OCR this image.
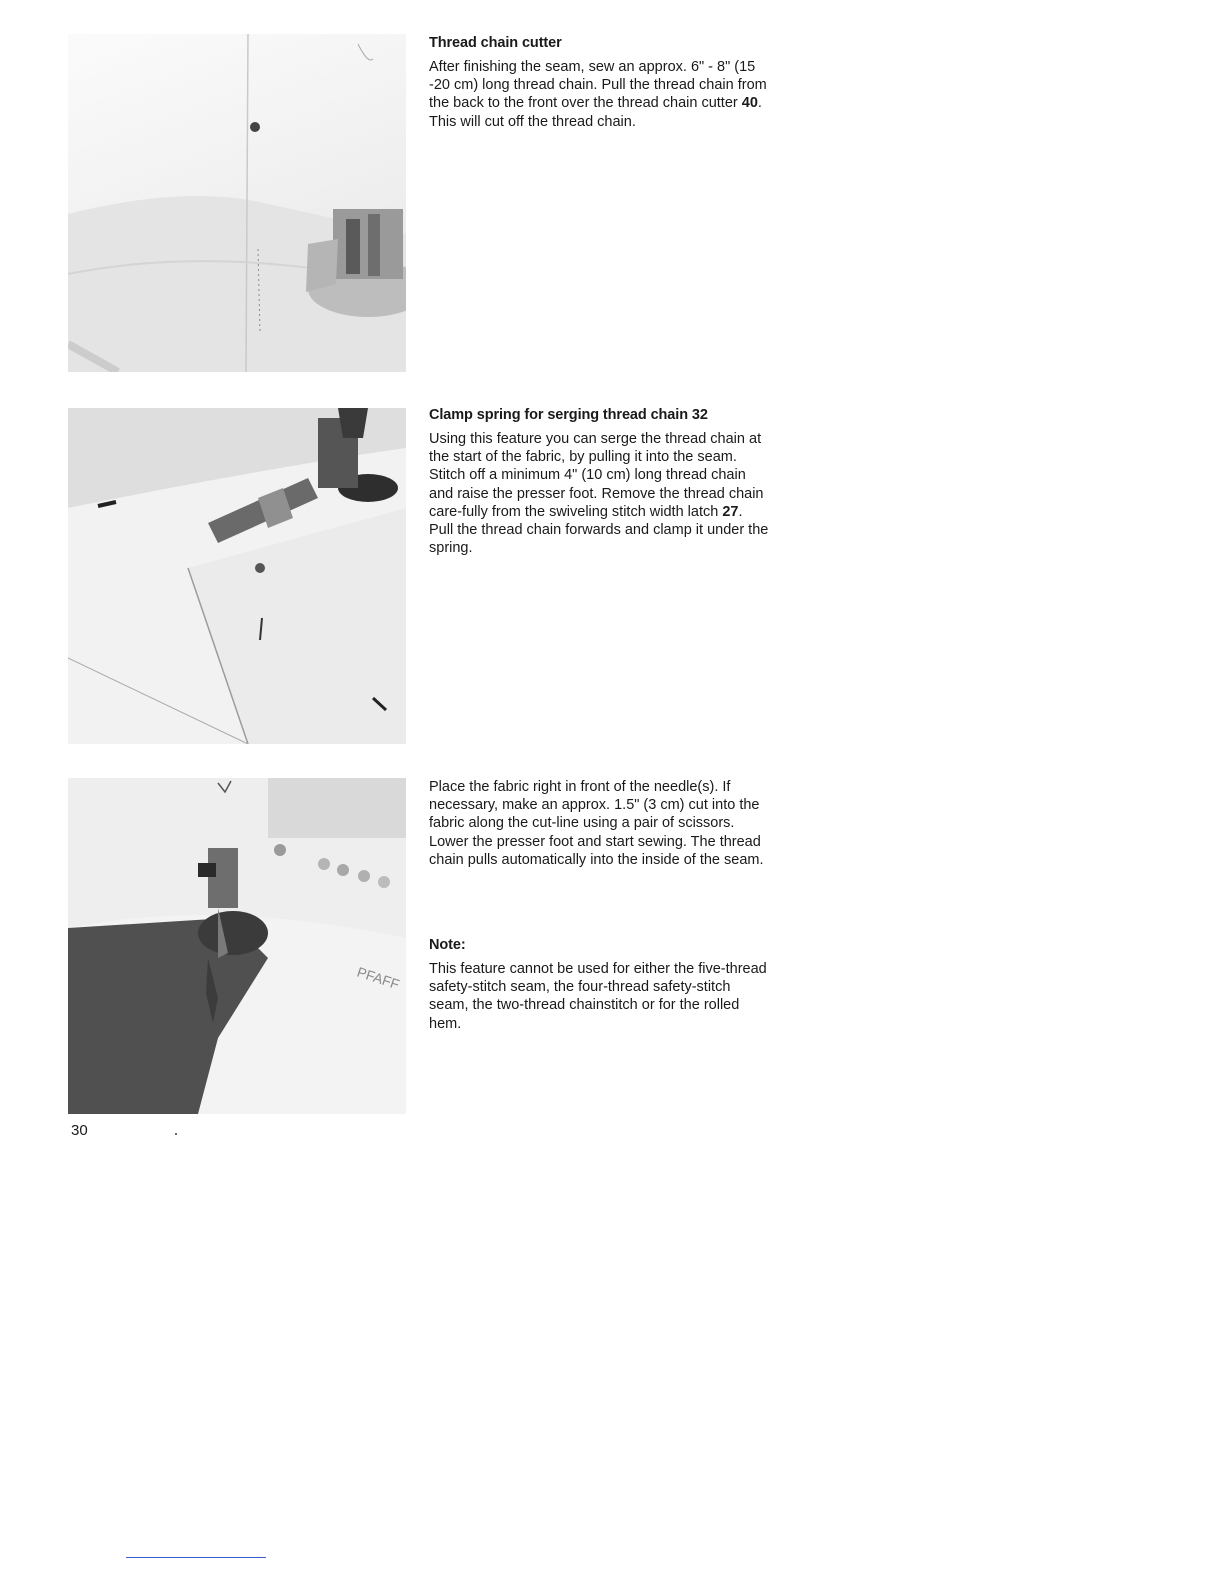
PFAFF

Thread chain cutter

After finishing the seam, sew an approx. 6" - 8" (15 -20 cm) long thread chain. Pull the thread chain from the back to the front over the thread chain cutter 40. This will cut off the thread chain.

Clamp spring for serging thread chain 32

Using this feature you can serge the thread chain at the start of the fabric, by pulling it into the seam. Stitch off a minimum 4" (10 cm) long thread chain and raise the presser foot. Remove the thread chain care-fully from the swiveling stitch width latch 27. Pull the thread chain forwards and clamp it under the spring.

Place the fabric right in front of the needle(s). If necessary, make an approx. 1.5" (3 cm) cut into the fabric along the cut-line using a pair of scissors. Lower the presser foot and start sewing. The thread chain pulls automatically into the inside of the seam.

Note:

This feature cannot be used for either the five-thread safety-stitch seam, the four-thread safety-stitch seam, the two-thread chainstitch or for the rolled hem.

30
